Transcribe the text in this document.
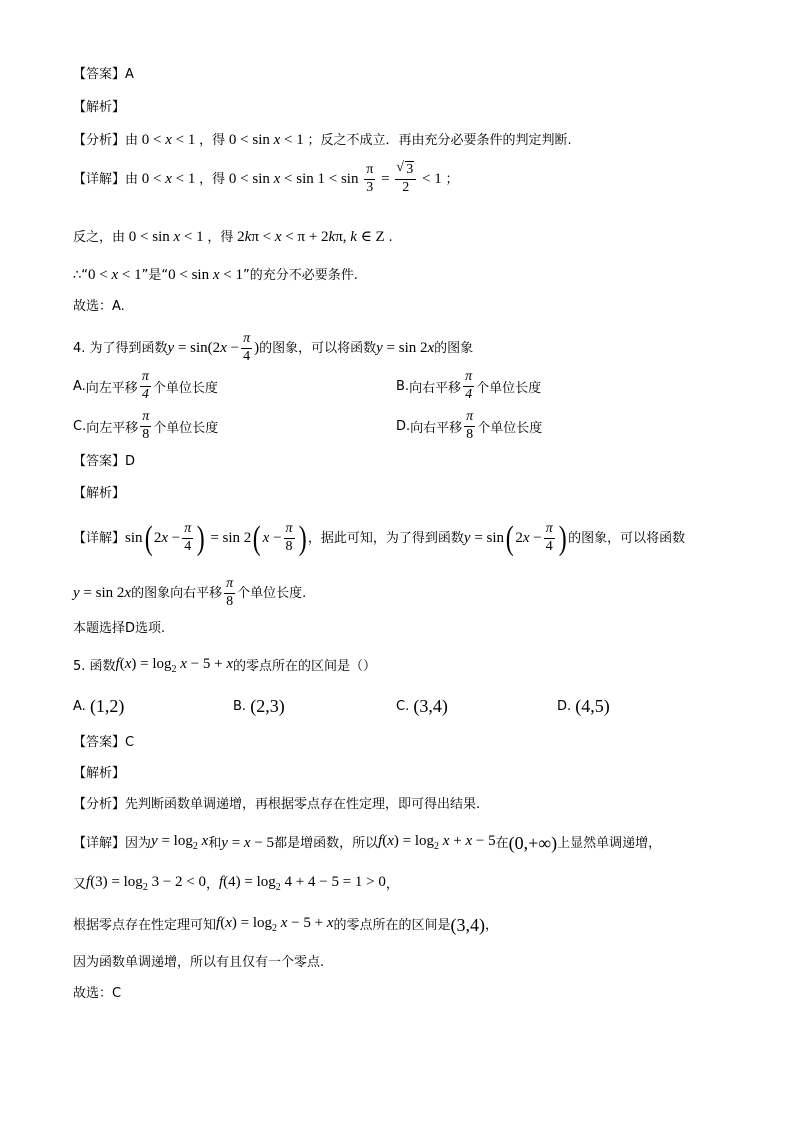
【答案】A
【解析】
【分析】 由 0 < x < 1 ，得 0 < sin x < 1 ； 反之不成立．再由充分必要条件的判定判断.
【详解】 由 0 < x < 1 ，得 $0 < \sin x < \sin 1 < \sin \frac{\pi}{3}$ =
√ $\frac{3}{2} < 1$ ；
反之，由 0 < sin x < 1 ，得 2kπ < x < π + 2kπ, k ∈ Z .
∴“ 0 < x < 1 ”是“ 0 < sin x < 1 ” 的充分不必要条件.
故选：A.
4. 为了得到函数 $y = \sin(2x - \frac{\pi}{4}$ ) 的图象，可以将函数 y = sin 2x 的图象
A. 向左平移 $\frac{\pi}{4}$ 个单位长度	B. 向右平移 $\frac{\pi}{4}$ 个单位长度
C. 向左平移 $\frac{\pi}{8}$ 个单位长度	D. 向右平移 $\frac{\pi}{8}$ 个单位长度
【答案】D
【解析】
【详解】 sin ( $2x - \frac{\pi}{4}$ ) = sin 2 ( $x - \frac{\pi}{8}$ ) ，据此可知，为了得到函数 y = sin ( $2x - \frac{\pi}{4}$ ) 的图象，可以将函数
y = sin 2x 的图象向右平移 $\frac{\pi}{8}$ 个单位长度.
本题选择D选项.
5. 函数 $f(x) = \log_2 x - 5 + x$ 的零点所在的区间是（）
A.
(1,2)	B.
(2,3)	C.
(3,4)	D.
(4,5)
【答案】C
【解析】
【分析】 先判断函数单调递增，再根据零点存在性定理，即可得出结果.
【详解】 因为 $y = \log_2 x$ 和 y = x − 5 都是增函数，所以 $f(x) = \log_2 x + x - 5$ 在 (0,+∞) 上显然单调递增，
又 $f(3) = \log_2 3 - 2 < 0$ ， $f(4) = \log_2 4 + 4 - 5 = 1 > 0$ ，
根据零点存在性定理可知 $f(x) = \log_2 x - 5 + x$ 的零点所在的区间是 (3,4) ，
因为函数单调递增，所以有且仅有一个零点.
故选：C
